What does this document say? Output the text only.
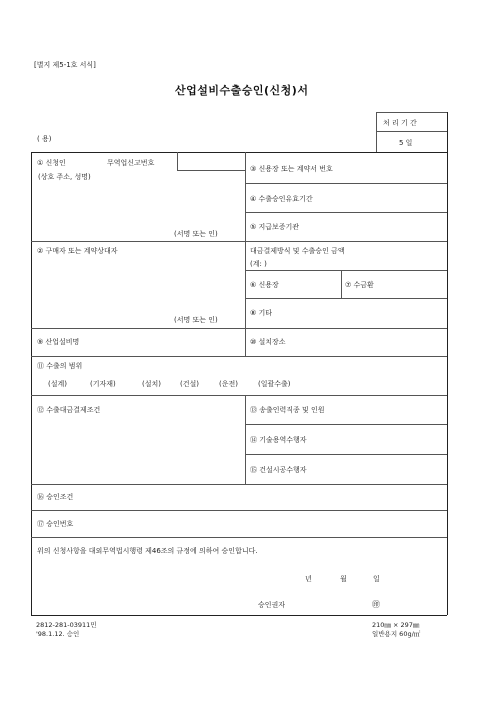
[별지 제5-1호 서식]
산업설비수출승인(신청)서
( 용)
처 리 기 간
5 일
① 신청인	무역업신고번호
(상호 주소, 성명)
(서명 또는 인)
③ 신용장 또는 계약서 번호
④ 수출승인유효기간
⑤ 지급보증기관
② 구매자 또는 계약상대자
(서명 또는 인)
대금결제방식 및 수출승인 금액
(계: )
⑥ 신용장	⑦ 수금환
⑧ 기타
⑨ 산업설비명	⑩ 설치장소
⑪ 수출의 범위
(설계)	(기자재)	(설치)	(건설)	(운전)	(일괄수출)
⑫ 수출대금결제조건	⑬ 송출인력직종 및 인원
⑭ 기술용역수행자
⑮ 건설시공수행자
⑯ 승인조건
⑰ 승인번호
위의 신청사항을 대외무역법시행령 제46조의 규정에 의하여 승인합니다.
년	월	일
승인권자	㊞
2812-281-03911민
'98.1.12. 승인
210㎜ × 297㎜
일반용지 60g/㎡
